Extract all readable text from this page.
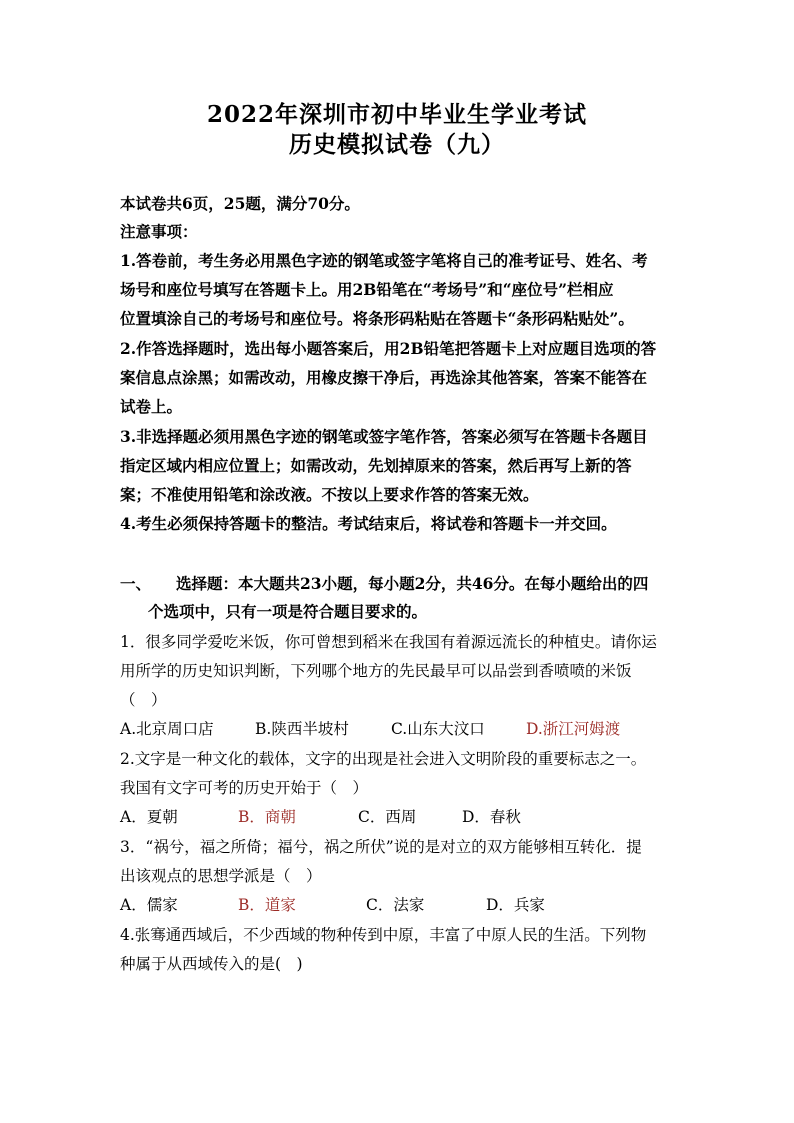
2022年深圳市初中毕业生学业考试
历史模拟试卷（九）
本试卷共6页，25题，满分70分。
注意事项：
1.答卷前，考生务必用黑色字迹的钢笔或签字笔将自己的准考证号、姓名、考
场号和座位号填写在答题卡上。用2B铅笔在“考场号”和“座位号”栏相应
位置填涂自己的考场号和座位号。将条形码粘贴在答题卡“条形码粘贴处”。
2.作答选择题时，选出每小题答案后，用2B铅笔把答题卡上对应题目选项的答
案信息点涂黑；如需改动，用橡皮擦干净后，再选涂其他答案，答案不能答在
试卷上。
3.非选择题必须用黑色字迹的钢笔或签字笔作答，答案必须写在答题卡各题目
指定区域内相应位置上；如需改动，先划掉原来的答案，然后再写上新的答
案；不准使用铅笔和涂改液。不按以上要求作答的答案无效。
4.考生必须保持答题卡的整洁。考试结束后，将试卷和答题卡一并交回。
一、 选择题：本大题共23小题，每小题2分，共46分。在每小题给出的四
个选项中，只有一项是符合题目要求的。
1．很多同学爱吃米饭，你可曾想到稻米在我国有着源远流长的种植史。请你运
用所学的历史知识判断，下列哪个地方的先民最早可以品尝到香喷喷的米饭
（　）
A.北京周口店	B.陕西半坡村	C.山东大汶口	D.浙江河姆渡
2.文字是一种文化的载体，文字的出现是社会进入文明阶段的重要标志之一。
我国有文字可考的历史开始于（　）
A．夏朝	B．商朝	C．西周	D．春秋
3．“祸兮，福之所倚；福兮，祸之所伏”说的是对立的双方能够相互转化．提
出该观点的思想学派是（　）
A．儒家	B．道家	C．法家	D．兵家
4.张骞通西域后，不少西域的物种传到中原，丰富了中原人民的生活。下列物
种属于从西域传入的是(　)
